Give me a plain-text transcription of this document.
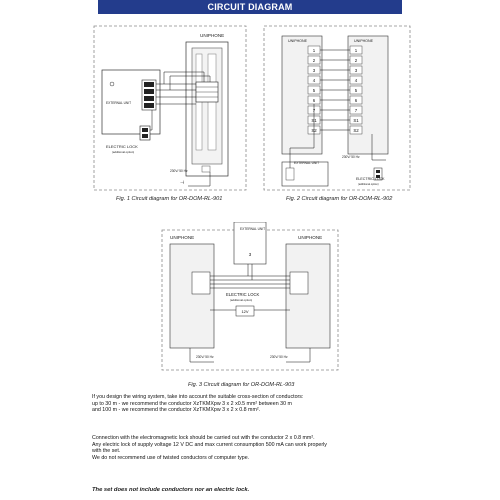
CIRCUIT DIAGRAM
UNIPHONE
EXTERNAL UNIT
ELECTRIC LOCK
(additional option)
230V/ 50 Hz
⊣
Fig. 1 Circuit diagram for OR-DOM-RL-901
UNIPHONE	UNIPHONE
1
2
3
4
5
6
7
S1
S2
1
2
3
4
5
6
7
S1
S2
EXTERNAL UNIT
230V/ 50 Hz
ELECTRIC LOCK
(additional option)
Fig. 2 Circuit diagram for OR-DOM-RL-902
UNIPHONE	UNIPHONE
EXTERNAL UNIT
3
12V
ELECTRIC LOCK
(additional option)
230V/ 50 Hz	230V/ 50 Hz
Fig. 3 Circuit diagram for OR-DOM-RL-903
If you design the wiring system, take into account the suitable cross-section of conductors:
up to 30 m - we recommend the conductor XzTKMXpw 3 x 2 x0.5 mm² between 30 m
and 100 m - we recommend the conductor XzTKMXpw 3 x 2 x 0.8 mm².
Connection with the electromagnetic lock should be carried out with the conductor 2 x 0.8 mm².
Any electric lock of supply voltage 12 V DC and max current consumption 500 mA can work properly
with the set.
We do not recommend use of twisted conductors of computer type.
The set does not include conductors nor an electric lock.
